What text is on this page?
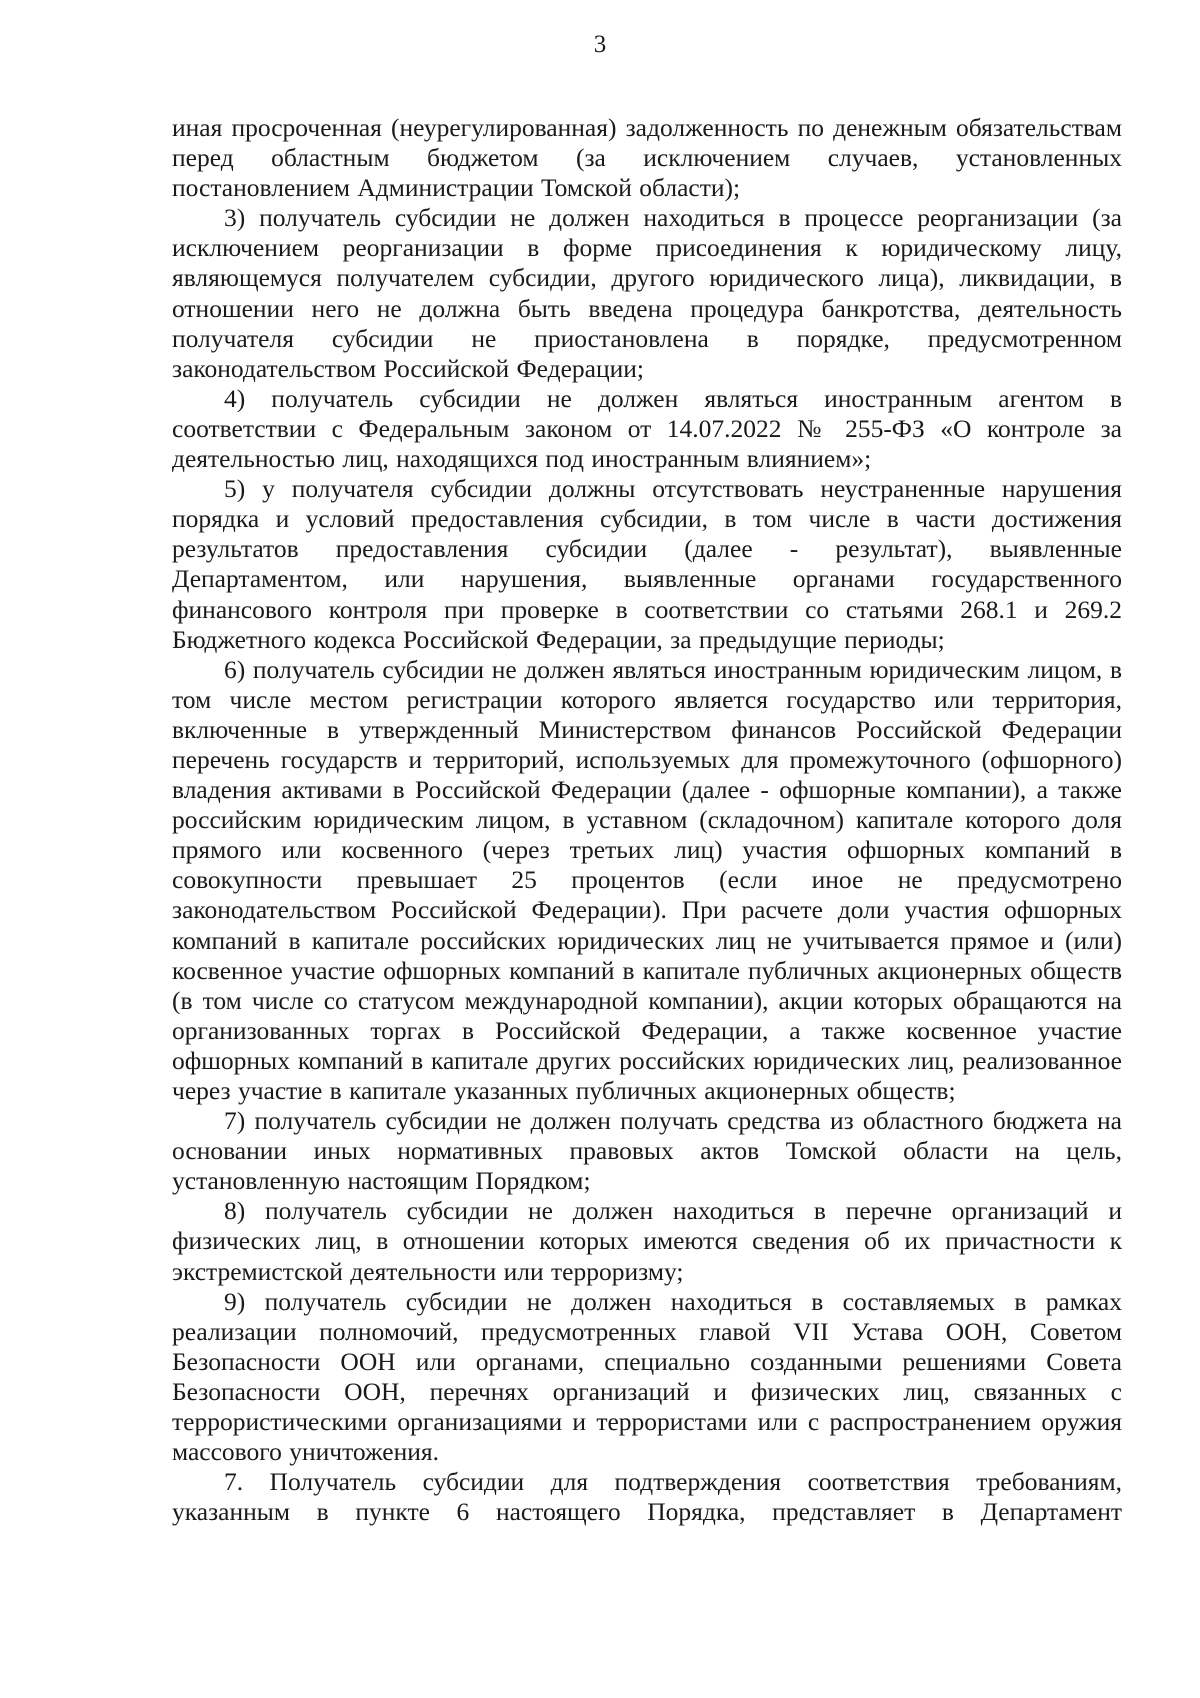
3

иная просроченная (неурегулированная) задолженность по денежным обязательствам перед областным бюджетом (за исключением случаев, установленных постановлением Администрации Томской области);

3) получатель субсидии не должен находиться в процессе реорганизации (за исключением реорганизации в форме присоединения к юридическому лицу, являющемуся получателем субсидии, другого юридического лица), ликвидации, в отношении него не должна быть введена процедура банкротства, деятельность получателя субсидии не приостановлена в порядке, предусмотренном законодательством Российской Федерации;

4) получатель субсидии не должен являться иностранным агентом в соответствии с Федеральным законом от 14.07.2022 № 255-ФЗ «О контроле за деятельностью лиц, находящихся под иностранным влиянием»;

5) у получателя субсидии должны отсутствовать неустраненные нарушения порядка и условий предоставления субсидии, в том числе в части достижения результатов предоставления субсидии (далее - результат), выявленные Департаментом, или нарушения, выявленные органами государственного финансового контроля при проверке в соответствии со статьями 268.1 и 269.2 Бюджетного кодекса Российской Федерации, за предыдущие периоды;

6) получатель субсидии не должен являться иностранным юридическим лицом, в том числе местом регистрации которого является государство или территория, включенные в утвержденный Министерством финансов Российской Федерации перечень государств и территорий, используемых для промежуточного (офшорного) владения активами в Российской Федерации (далее - офшорные компании), а также российским юридическим лицом, в уставном (складочном) капитале которого доля прямого или косвенного (через третьих лиц) участия офшорных компаний в совокупности превышает 25 процентов (если иное не предусмотрено законодательством Российской Федерации). При расчете доли участия офшорных компаний в капитале российских юридических лиц не учитывается прямое и (или) косвенное участие офшорных компаний в капитале публичных акционерных обществ (в том числе со статусом международной компании), акции которых обращаются на организованных торгах в Российской Федерации, а также косвенное участие офшорных компаний в капитале других российских юридических лиц, реализованное через участие в капитале указанных публичных акционерных обществ;

7) получатель субсидии не должен получать средства из областного бюджета на основании иных нормативных правовых актов Томской области на цель, установленную настоящим Порядком;

8) получатель субсидии не должен находиться в перечне организаций и физических лиц, в отношении которых имеются сведения об их причастности к экстремистской деятельности или терроризму;

9) получатель субсидии не должен находиться в составляемых в рамках реализации полномочий, предусмотренных главой VII Устава ООН, Советом Безопасности ООН или органами, специально созданными решениями Совета Безопасности ООН, перечнях организаций и физических лиц, связанных с террористическими организациями и террористами или с распространением оружия массового уничтожения.

7. Получатель субсидии для подтверждения соответствия требованиям, указанным в пункте 6 настоящего Порядка, представляет в Департамент
